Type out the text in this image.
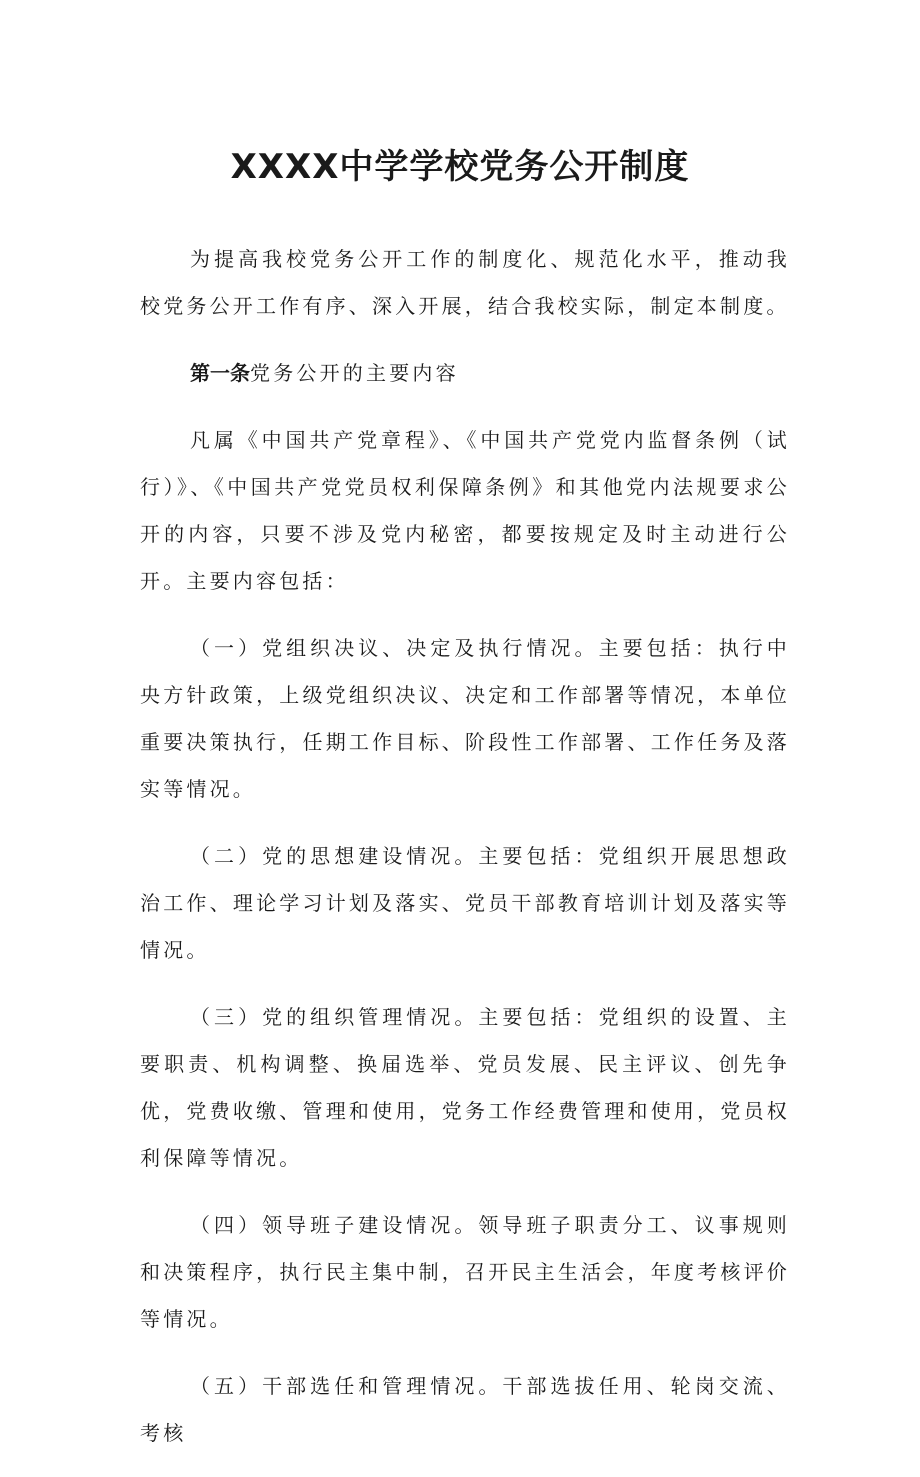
XXXX中学学校党务公开制度

为提高我校党务公开工作的制度化、规范化水平，推动我校党务公开工作有序、深入开展，结合我校实际，制定本制度。

第一条党务公开的主要内容

凡属《中国共产党章程》、《中国共产党党内监督条例（试行）》、《中国共产党党员权利保障条例》和其他党内法规要求公开的内容，只要不涉及党内秘密，都要按规定及时主动进行公开。主要内容包括：

（一）党组织决议、决定及执行情况。主要包括：执行中央方针政策，上级党组织决议、决定和工作部署等情况，本单位重要决策执行，任期工作目标、阶段性工作部署、工作任务及落实等情况。

（二）党的思想建设情况。主要包括：党组织开展思想政治工作、理论学习计划及落实、党员干部教育培训计划及落实等情况。

（三）党的组织管理情况。主要包括：党组织的设置、主要职责、机构调整、换届选举、党员发展、民主评议、创先争优，党费收缴、管理和使用，党务工作经费管理和使用，党员权利保障等情况。

（四）领导班子建设情况。领导班子职责分工、议事规则和决策程序，执行民主集中制，召开民主生活会，年度考核评价等情况。

（五）干部选任和管理情况。干部选拔任用、轮岗交流、考核
